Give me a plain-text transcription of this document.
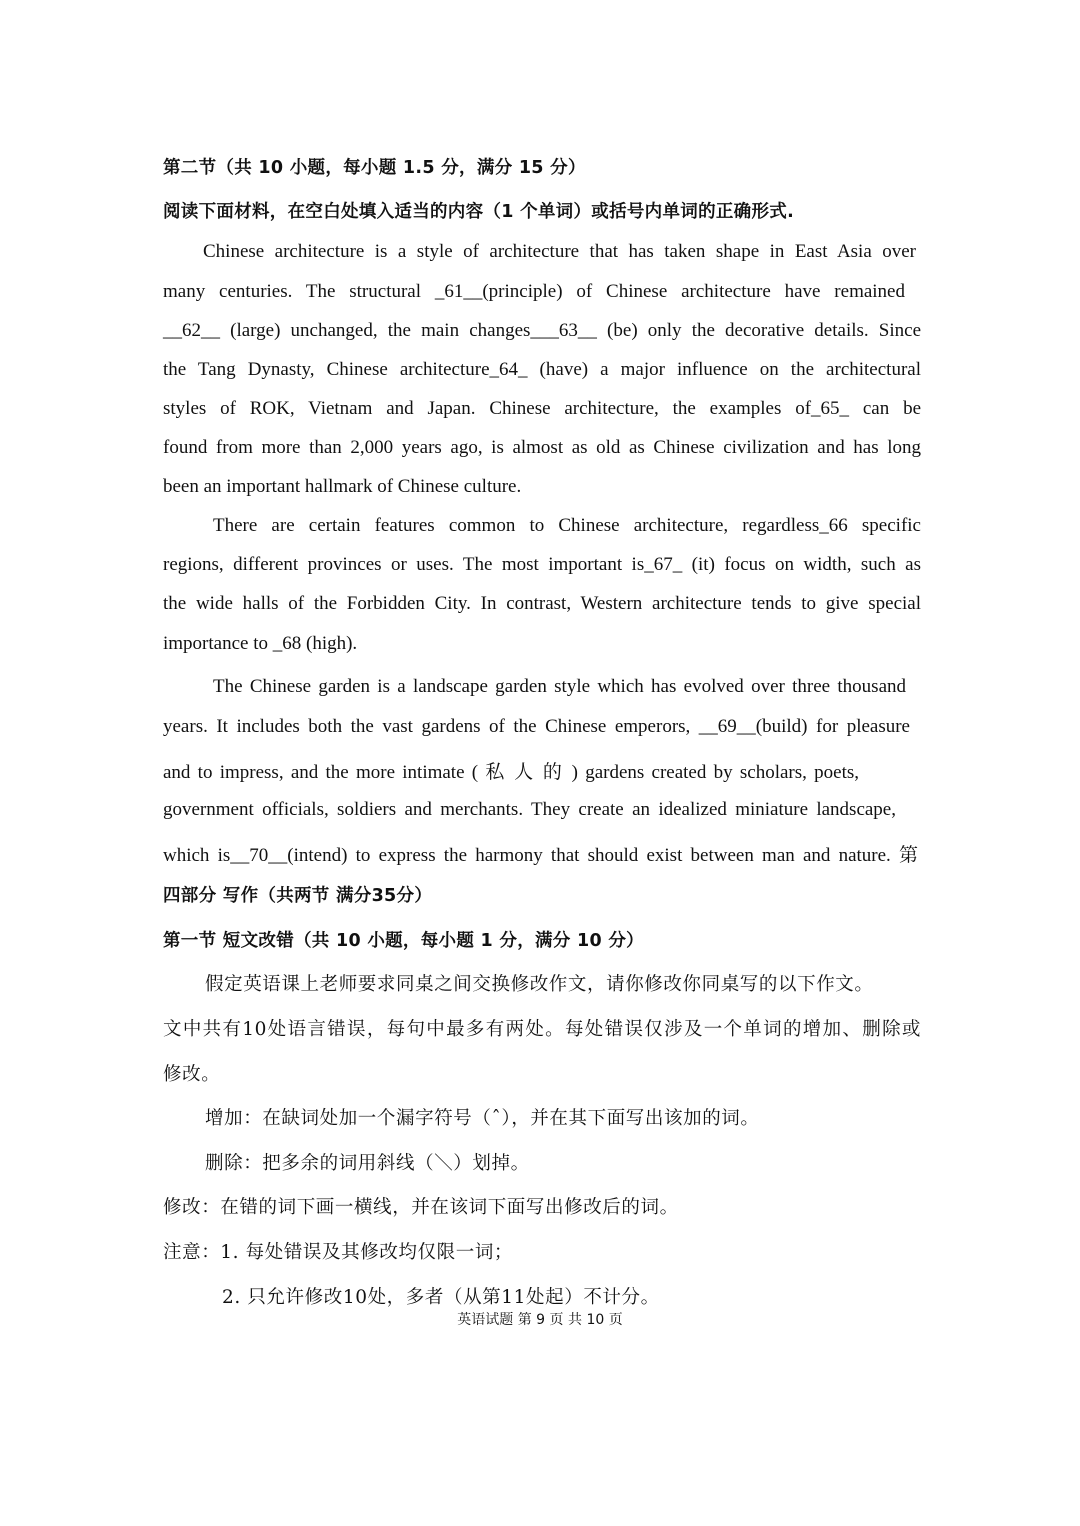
第二节（共 10 小题，每小题 1.5 分，满分 15 分）
阅读下面材料，在空白处填入适当的内容（1 个单词）或括号内单词的正确形式.
Chinese architecture is a style of architecture that has taken shape in East Asia over
many centuries. The structural _61__(principle) of Chinese architecture have remained
__62__ (large) unchanged, the main changes___63__ (be) only the decorative details. Since
the Tang Dynasty, Chinese architecture_64_ (have) a major influence on the architectural
styles of ROK, Vietnam and Japan. Chinese architecture, the examples of_65_ can be
found from more than 2,000 years ago, is almost as old as Chinese civilization and has long
been an important hallmark of Chinese culture.
There are certain features common to Chinese architecture, regardless_66 specific
regions, different provinces or uses. The most important is_67_ (it) focus on width, such as
the wide halls of the Forbidden City. In contrast, Western architecture tends to give special
importance to _68 (high).
The Chinese garden is a landscape garden style which has evolved over three thousand
years. It includes both the vast gardens of the Chinese emperors, __69__(build) for pleasure
and to impress, and the more intimate ( 私 人 的 ) gardens created by scholars, poets,
government officials, soldiers and merchants. They create an idealized miniature landscape,
which is__70__(intend) to express the harmony that should exist between man and nature. 第
四部分 写作（共两节 满分35分）
第一节 短文改错（共 10 小题，每小题 1 分，满分 10 分）
假定英语课上老师要求同桌之间交换修改作文，请你修改你同桌写的以下作文。
文中共有10处语言错误，每句中最多有两处。每处错误仅涉及一个单词的增加、删除或
修改。
增加：在缺词处加一个漏字符号（ˆ），并在其下面写出该加的词。
删除：把多余的词用斜线（＼）划掉。
修改：在错的词下画一横线，并在该词下面写出修改后的词。
注意：1. 每处错误及其修改均仅限一词；
2. 只允许修改10处，多者（从第11处起）不计分。
英语试题 第 9 页 共 10 页
